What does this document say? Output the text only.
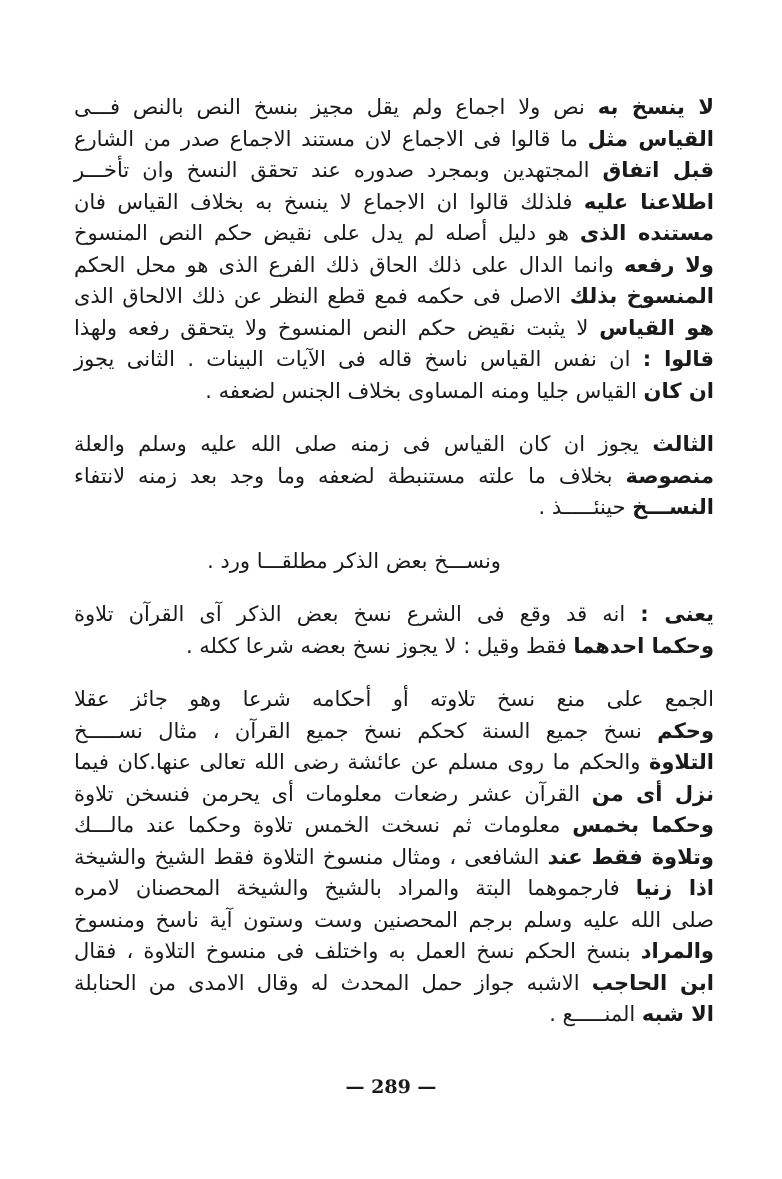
لا ينسخ به نص ولا اجماع ولم يقل مجيز بنسخ النص بالنص فـــى
القياس مثل ما قالوا فى الاجماع لان مستند الاجماع صدر من الشارع
قبل اتفاق المجتهدين وبمجرد صدوره عند تحقق النسخ وان تأخـــر
اطلاعنا عليه فلذلك قالوا ان الاجماع لا ينسخ به بخلاف القياس فان
مستنده الذى هو دليل أصله لم يدل على نقيض حكم النص المنسوخ
ولا رفعه وانما الدال على ذلك الحاق ذلك الفرع الذى هو محل الحكم
المنسوخ بذلك الاصل فى حكمه فمع قطع النظر عن ذلك الالحاق الذى
هو القياس لا يثبت نقيض حكم النص المنسوخ ولا يتحقق رفعه ولهذا
قالوا : ان نفس القياس ناسخ قاله فى الآيات البينات . الثانى يجوز
ان كان القياس جليا ومنه المساوى بخلاف الجنس لضعفه .
الثالث يجوز ان كان القياس فى زمنه صلى الله عليه وسلم والعلة
منصوصة بخلاف ما علته مستنبطة لضعفه وما وجد بعد زمنه لانتفاء
النســـخ حينئـــــذ .
ونســـخ بعض الذكر مطلقـــا ورد .
يعنى : انه قد وقع فى الشرع نسخ بعض الذكر آى القرآن تلاوة
وحكما احدهما فقط وقيل : لا يجوز نسخ بعضه شرعا ككله .
الجمع على منع نسخ تلاوته أو أحكامه شرعا وهو جائز عقلا
وحكم نسخ جميع السنة كحكم نسخ جميع القرآن ، مثال نســـــخ
التلاوة والحكم ما روى مسلم عن عائشة رضى الله تعالى عنها.كان فيما
نزل أى من القرآن عشر رضعات معلومات أى يحرمن فنسخن تلاوة
وحكما بخمس معلومات ثم نسخت الخمس تلاوة وحكما عند مالـــك
وتلاوة فقط عند الشافعى ، ومثال منسوخ التلاوة فقط الشيخ والشيخة
اذا زنيا فارجموهما البتة والمراد بالشيخ والشيخة المحصنان لامره
صلى الله عليه وسلم برجم المحصنين وست وستون آية ناسخ ومنسوخ
والمراد بنسخ الحكم نسخ العمل به واختلف فى منسوخ التلاوة ، فقال
ابن الحاجب الاشبه جواز حمل المحدث له وقال الامدى من الحنابلة
الا شبه المنـــــع .
— 289 —
